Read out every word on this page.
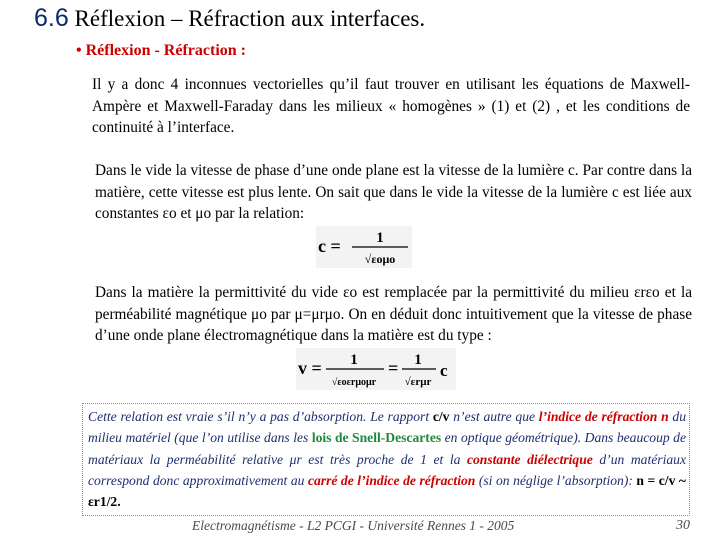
6.6 Réflexion – Réfraction aux interfaces.
• Réflexion - Réfraction :
Il y a donc 4 inconnues vectorielles qu’il faut trouver en utilisant les équations de Maxwell-Ampère et Maxwell-Faraday dans les milieux « homogènes » (1) et (2) , et les conditions de continuité à l’interface.
Dans le vide la vitesse de phase d’une onde plane est la vitesse de la lumière c. Par contre dans la matière, cette vitesse est plus lente. On sait que dans le vide la vitesse de la lumière c est liée aux constantes εo et μo par la relation:
c = 1
√εoμo
Dans la matière la permittivité du vide εo est remplacée par la permittivité du milieu εrεo et la perméabilité magnétique μo par μ=μrμo. On en déduit donc intuitivement que la vitesse de phase d’une onde plane électromagnétique dans la matière est du type :
v = 1
√εoεrμoμr
= 1
√εrμr
c
Cette relation est vraie s’il n’y a pas d’absorption. Le rapport c/v n’est autre que l’indice de réfraction n du milieu matériel (que l’on utilise dans les lois de Snell-Descartes en optique géométrique). Dans beaucoup de matériaux la perméabilité relative μr est très proche de 1 et la constante diélectrique d’un matériaux correspond donc approximativement au carré de l’indice de réfraction (si on néglige l’absorption): n = c/v ~ εr1/2.
Electromagnétisme - L2 PCGI - Université Rennes 1 - 2005	30
